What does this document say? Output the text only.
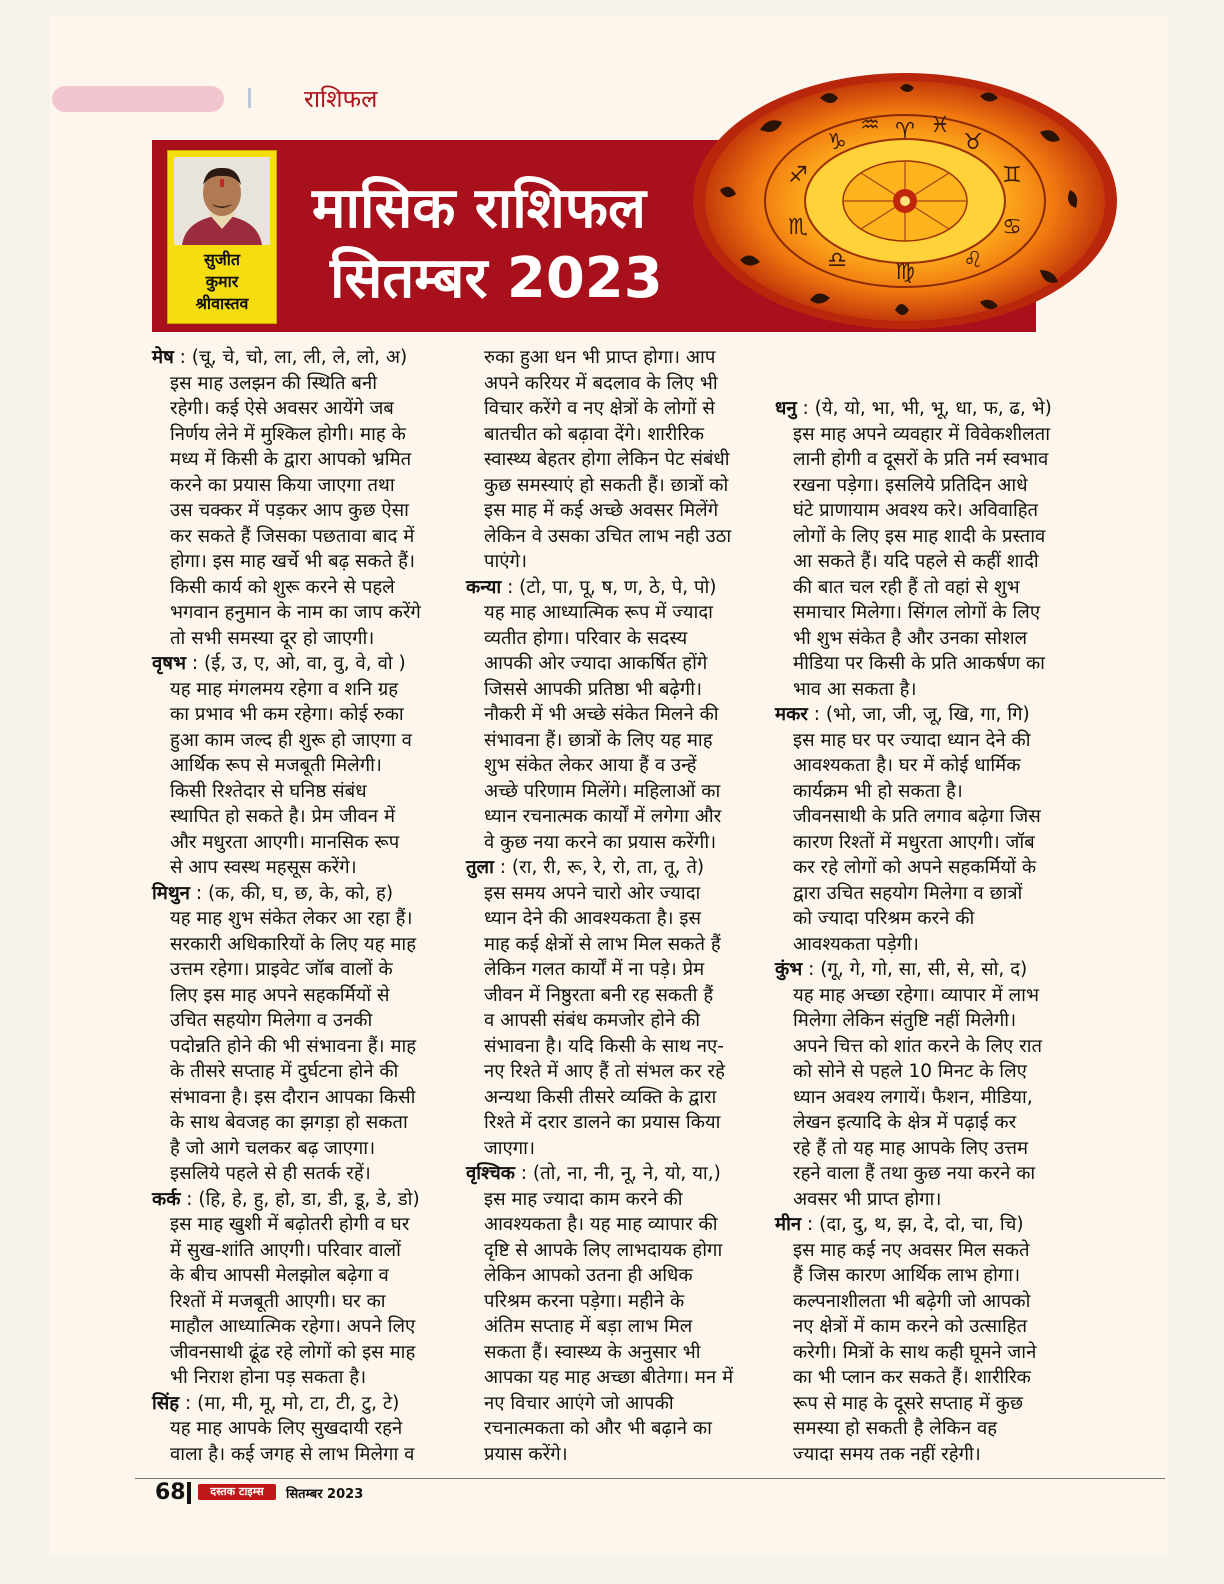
राशिफल
सुजीत
कुमार
श्रीवास्तव
मासिक राशिफल
सितम्बर 2023
♈ ♉
♊
♋
♌
♍
♎
♏
♐
♑
♒ ♓
मेष : (चू, चे, चो, ला, ली, ले, लो, अ)
इस माह उलझन की स्थिति बनी
रहेगी। कई ऐसे अवसर आयेंगे जब
निर्णय लेने में मुश्किल होगी। माह के
मध्य में किसी के द्वारा आपको भ्रमित
करने का प्रयास किया जाएगा तथा
उस चक्कर में पड़कर आप कुछ ऐसा
कर सकते हैं जिसका पछतावा बाद में
होगा। इस माह खर्चे भी बढ़ सकते हैं।
किसी कार्य को शुरू करने से पहले
भगवान हनुमान के नाम का जाप करेंगे
तो सभी समस्या दूर हो जाएगी।
वृषभ : (ई, उ, ए, ओ, वा, वु, वे, वो )
यह माह मंगलमय रहेगा व शनि ग्रह
का प्रभाव भी कम रहेगा। कोई रुका
हुआ काम जल्द ही शुरू हो जाएगा व
आर्थिक रूप से मजबूती मिलेगी।
किसी रिश्तेदार से घनिष्ठ संबंध
स्थापित हो सकते है। प्रेम जीवन में
और मधुरता आएगी। मानसिक रूप
से आप स्वस्थ महसूस करेंगे।
मिथुन : (क, की, घ, छ, के, को, ह)
यह माह शुभ संकेत लेकर आ रहा हैं।
सरकारी अधिकारियों के लिए यह माह
उत्तम रहेगा। प्राइवेट जॉब वालों के
लिए इस माह अपने सहकर्मियों से
उचित सहयोग मिलेगा व उनकी
पदोन्नति होने की भी संभावना हैं। माह
के तीसरे सप्ताह में दुर्घटना होने की
संभावना है। इस दौरान आपका किसी
के साथ बेवजह का झगड़ा हो सकता
है जो आगे चलकर बढ़ जाएगा।
इसलिये पहले से ही सतर्क रहें।
कर्क : (हि, हे, हु, हो, डा, डी, डू, डे, डो)
इस माह खुशी में बढ़ोतरी होगी व घर
में सुख-शांति आएगी। परिवार वालों
के बीच आपसी मेलझोल बढ़ेगा व
रिश्तों में मजबूती आएगी। घर का
माहौल आध्यात्मिक रहेगा। अपने लिए
जीवनसाथी ढूंढ रहे लोगों को इस माह
भी निराश होना पड़ सकता है।
सिंह : (मा, मी, मू, मो, टा, टी, टु, टे)
यह माह आपके लिए सुखदायी रहने
वाला है। कई जगह से लाभ मिलेगा व
रुका हुआ धन भी प्राप्त होगा। आप
अपने करियर में बदलाव के लिए भी
विचार करेंगे व नए क्षेत्रों के लोगों से
बातचीत को बढ़ावा देंगे। शारीरिक
स्वास्थ्य बेहतर होगा लेकिन पेट संबंधी
कुछ समस्याएं हो सकती हैं। छात्रों को
इस माह में कई अच्छे अवसर मिलेंगे
लेकिन वे उसका उचित लाभ नही उठा
पाएंगे।
कन्या : (टो, पा, पू, ष, ण, ठे, पे, पो)
यह माह आध्यात्मिक रूप में ज्यादा
व्यतीत होगा। परिवार के सदस्य
आपकी ओर ज्यादा आकर्षित होंगे
जिससे आपकी प्रतिष्ठा भी बढ़ेगी।
नौकरी में भी अच्छे संकेत मिलने की
संभावना हैं। छात्रों के लिए यह माह
शुभ संकेत लेकर आया हैं व उन्हें
अच्छे परिणाम मिलेंगे। महिलाओं का
ध्यान रचनात्मक कार्यों में लगेगा और
वे कुछ नया करने का प्रयास करेंगी।
तुला : (रा, री, रू, रे, रो, ता, तू, ते)
इस समय अपने चारो ओर ज्यादा
ध्यान देने की आवश्यकता है। इस
माह कई क्षेत्रों से लाभ मिल सकते हैं
लेकिन गलत कार्यों में ना पड़े। प्रेम
जीवन में निष्ठुरता बनी रह सकती हैं
व आपसी संबंध कमजोर होने की
संभावना है। यदि किसी के साथ नए-
नए रिश्ते में आए हैं तो संभल कर रहे
अन्यथा किसी तीसरे व्यक्ति के द्वारा
रिश्ते में दरार डालने का प्रयास किया
जाएगा।
वृश्चिक : (तो, ना, नी, नू, ने, यो, या,)
इस माह ज्यादा काम करने की
आवश्यकता है। यह माह व्यापार की
दृष्टि से आपके लिए लाभदायक होगा
लेकिन आपको उतना ही अधिक
परिश्रम करना पड़ेगा। महीने के
अंतिम सप्ताह में बड़ा लाभ मिल
सकता हैं। स्वास्थ्य के अनुसार भी
आपका यह माह अच्छा बीतेगा। मन में
नए विचार आएंगे जो आपकी
रचनात्मकता को और भी बढ़ाने का
प्रयास करेंगे।
धनु : (ये, यो, भा, भी, भू, धा, फ, ढ, भे)
इस माह अपने व्यवहार में विवेकशीलता
लानी होगी व दूसरों के प्रति नर्म स्वभाव
रखना पड़ेगा। इसलिये प्रतिदिन आधे
घंटे प्राणायाम अवश्य करे। अविवाहित
लोगों के लिए इस माह शादी के प्रस्ताव
आ सकते हैं। यदि पहले से कहीं शादी
की बात चल रही हैं तो वहां से शुभ
समाचार मिलेगा। सिंगल लोगों के लिए
भी शुभ संकेत है और उनका सोशल
मीडिया पर किसी के प्रति आकर्षण का
भाव आ सकता है।
मकर : (भो, जा, जी, जू, खि, गा, गि)
इस माह घर पर ज्यादा ध्यान देने की
आवश्यकता है। घर में कोई धार्मिक
कार्यक्रम भी हो सकता है।
जीवनसाथी के प्रति लगाव बढ़ेगा जिस
कारण रिश्तों में मधुरता आएगी। जॉब
कर रहे लोगों को अपने सहकर्मियों के
द्वारा उचित सहयोग मिलेगा व छात्रों
को ज्यादा परिश्रम करने की
आवश्यकता पड़ेगी।
कुंभ : (गू, गे, गो, सा, सी, से, सो, द)
यह माह अच्छा रहेगा। व्यापार में लाभ
मिलेगा लेकिन संतुष्टि नहीं मिलेगी।
अपने चित्त को शांत करने के लिए रात
को सोने से पहले 10 मिनट के लिए
ध्यान अवश्य लगायें। फैशन, मीडिया,
लेखन इत्यादि के क्षेत्र में पढ़ाई कर
रहे हैं तो यह माह आपके लिए उत्तम
रहने वाला हैं तथा कुछ नया करने का
अवसर भी प्राप्त होगा।
मीन : (दा, दु, थ, झ, दे, दो, चा, चि)
इस माह कई नए अवसर मिल सकते
हैं जिस कारण आर्थिक लाभ होगा।
कल्पनाशीलता भी बढ़ेगी जो आपको
नए क्षेत्रों में काम करने को उत्साहित
करेगी। मित्रों के साथ कही घूमने जाने
का भी प्लान कर सकते हैं। शारीरिक
रूप से माह के दूसरे सप्ताह में कुछ
समस्या हो सकती है लेकिन वह
ज्यादा समय तक नहीं रहेगी।
68	दस्तक टाइम्स	सितम्बर 2023
